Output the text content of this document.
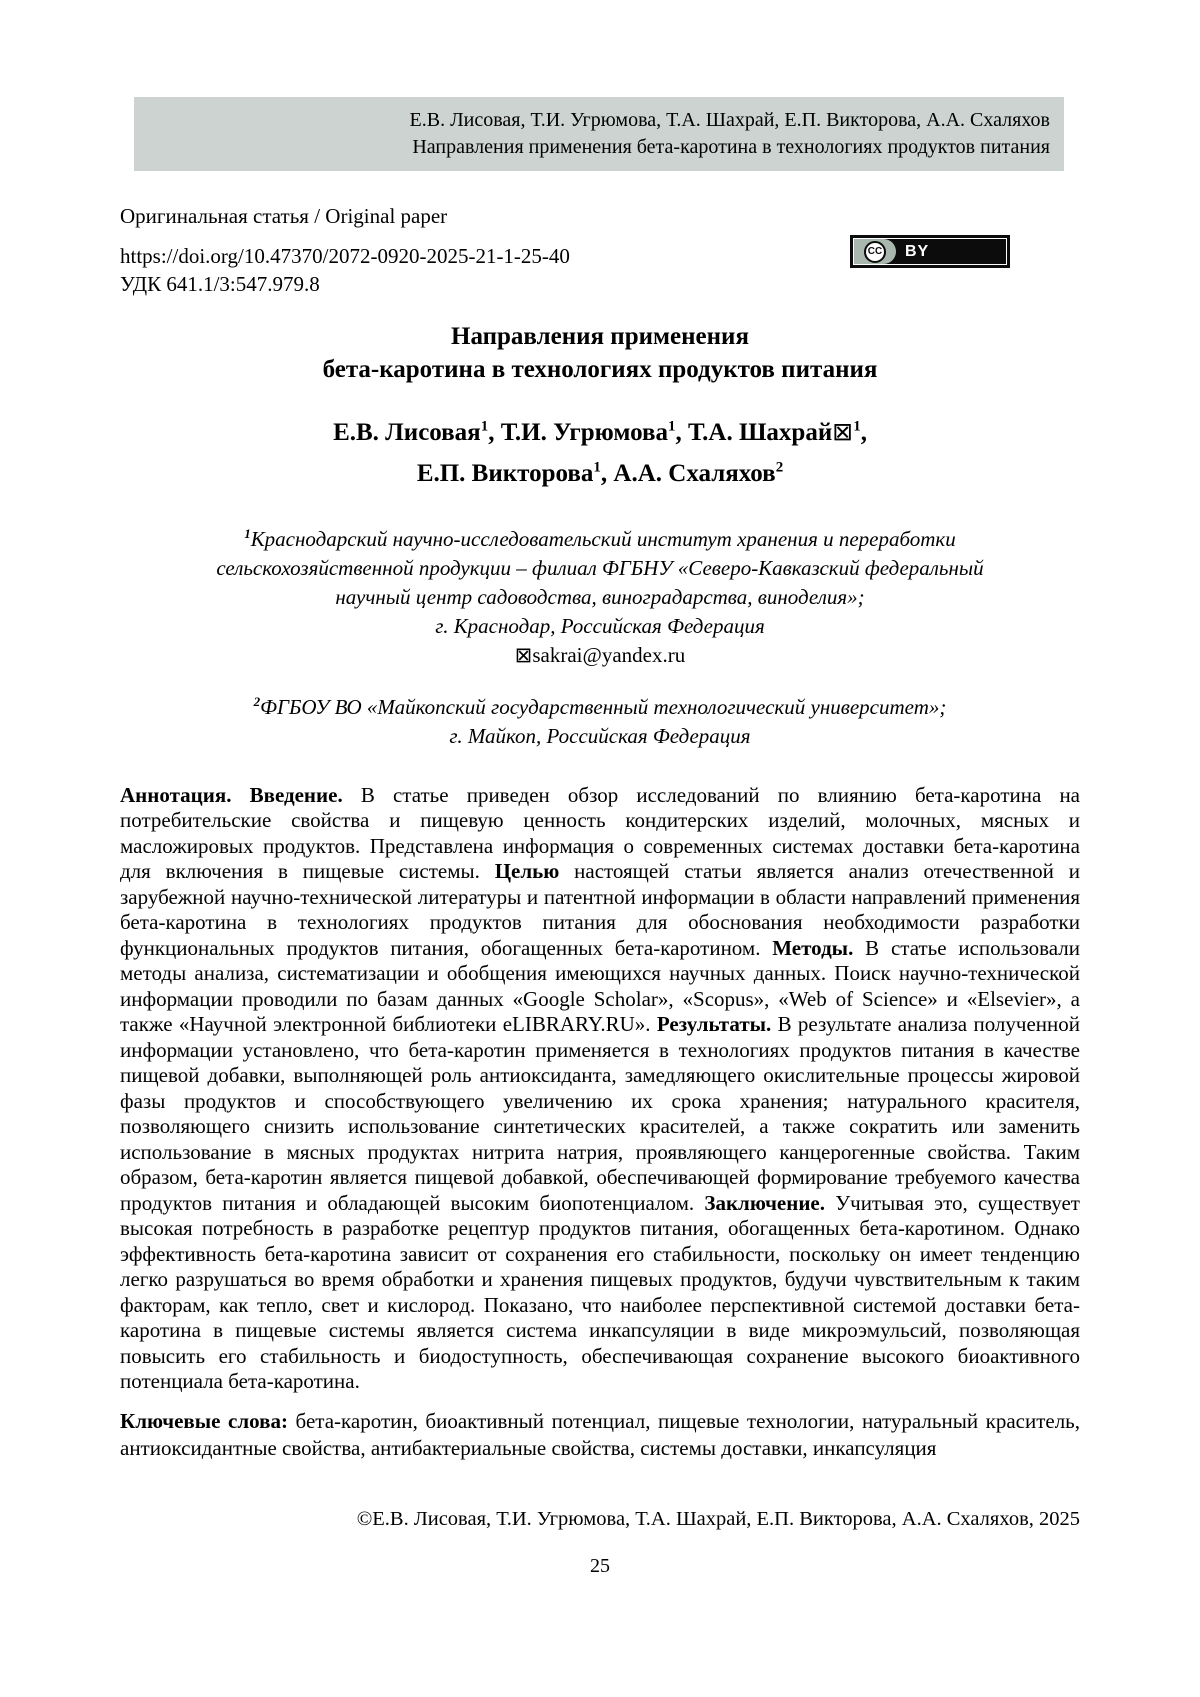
Е.В. Лисовая, Т.И. Угрюмова, Т.А. Шахрай, Е.П. Викторова, А.А. Схаляхов
Направления применения бета-каротина в технологиях продуктов питания
Оригинальная статья / Original paper
https://doi.org/10.47370/2072-0920-2025-21-1-25-40
УДК 641.1/3:547.979.8
CC BY
Направления применения
бета-каротина в технологиях продуктов питания
Е.В. Лисовая$^1$, Т.И. Угрюмова$^1$, Т.А. Шахрай⊠$^1$,
Е.П. Викторова$^1$, А.А. Схаляхов$^2$
$^1$Краснодарский научно-исследовательский институт хранения и переработки
сельскохозяйственной продукции – филиал ФГБНУ «Северо-Кавказский федеральный
научный центр садоводства, виноградарства, виноделия»;
г. Краснодар, Российская Федерация
⊠sakrai@yandex.ru
$^2$ФГБОУ ВО «Майкопский государственный технологический университет»;
г. Майкоп, Российская Федерация

Аннотация. Введение. В статье приведен обзор исследований по влиянию бета-каротина на потребительские свойства и пищевую ценность кондитерских изделий, молочных, мясных и масложировых продуктов. Представлена информация о современных системах доставки бета-каротина для включения в пищевые системы. Целью настоящей статьи является анализ отечественной и зарубежной научно-технической литературы и патентной информации в области направлений применения бета-каротина в технологиях продуктов питания для обоснования необходимости разработки функциональных продуктов питания, обогащенных бета-каротином. Методы. В статье использовали методы анализа, систематизации и обобщения имеющихся научных данных. Поиск научно-технической информации проводили по базам данных «Google Scholar», «Scopus», «Web of Science» и «Elsevier», а также «Научной электронной библиотеки eLIBRARY.RU». Результаты. В результате анализа полученной информации установлено, что бета-каротин применяется в технологиях продуктов питания в качестве пищевой добавки, выполняющей роль антиоксиданта, замедляющего окислительные процессы жировой фазы продуктов и способствующего увеличению их срока хранения; натурального красителя, позволяющего снизить использование синтетических красителей, а также сократить или заменить использование в мясных продуктах нитрита натрия, проявляющего канцерогенные свойства. Таким образом, бета-каротин является пищевой добавкой, обеспечивающей формирование требуемого качества продуктов питания и обладающей высоким биопотенциалом. Заключение. Учитывая это, существует высокая потребность в разработке рецептур продуктов питания, обогащенных бета-каротином. Однако эффективность бета-каротина зависит от сохранения его стабильности, поскольку он имеет тенденцию легко разрушаться во время обработки и хранения пищевых продуктов, будучи чувствительным к таким факторам, как тепло, свет и кислород. Показано, что наиболее перспективной системой доставки бета-каротина в пищевые системы является система инкапсуляции в виде микроэмульсий, позволяющая повысить его стабильность и биодоступность, обеспечивающая сохранение высокого биоактивного потенциала бета-каротина.

Ключевые слова: бета-каротин, биоактивный потенциал, пищевые технологии, натуральный краситель, антиоксидантные свойства, антибактериальные свойства, системы доставки, инкапсуляция

©Е.В. Лисовая, Т.И. Угрюмова, Т.А. Шахрай, Е.П. Викторова, А.А. Схаляхов, 2025
25
